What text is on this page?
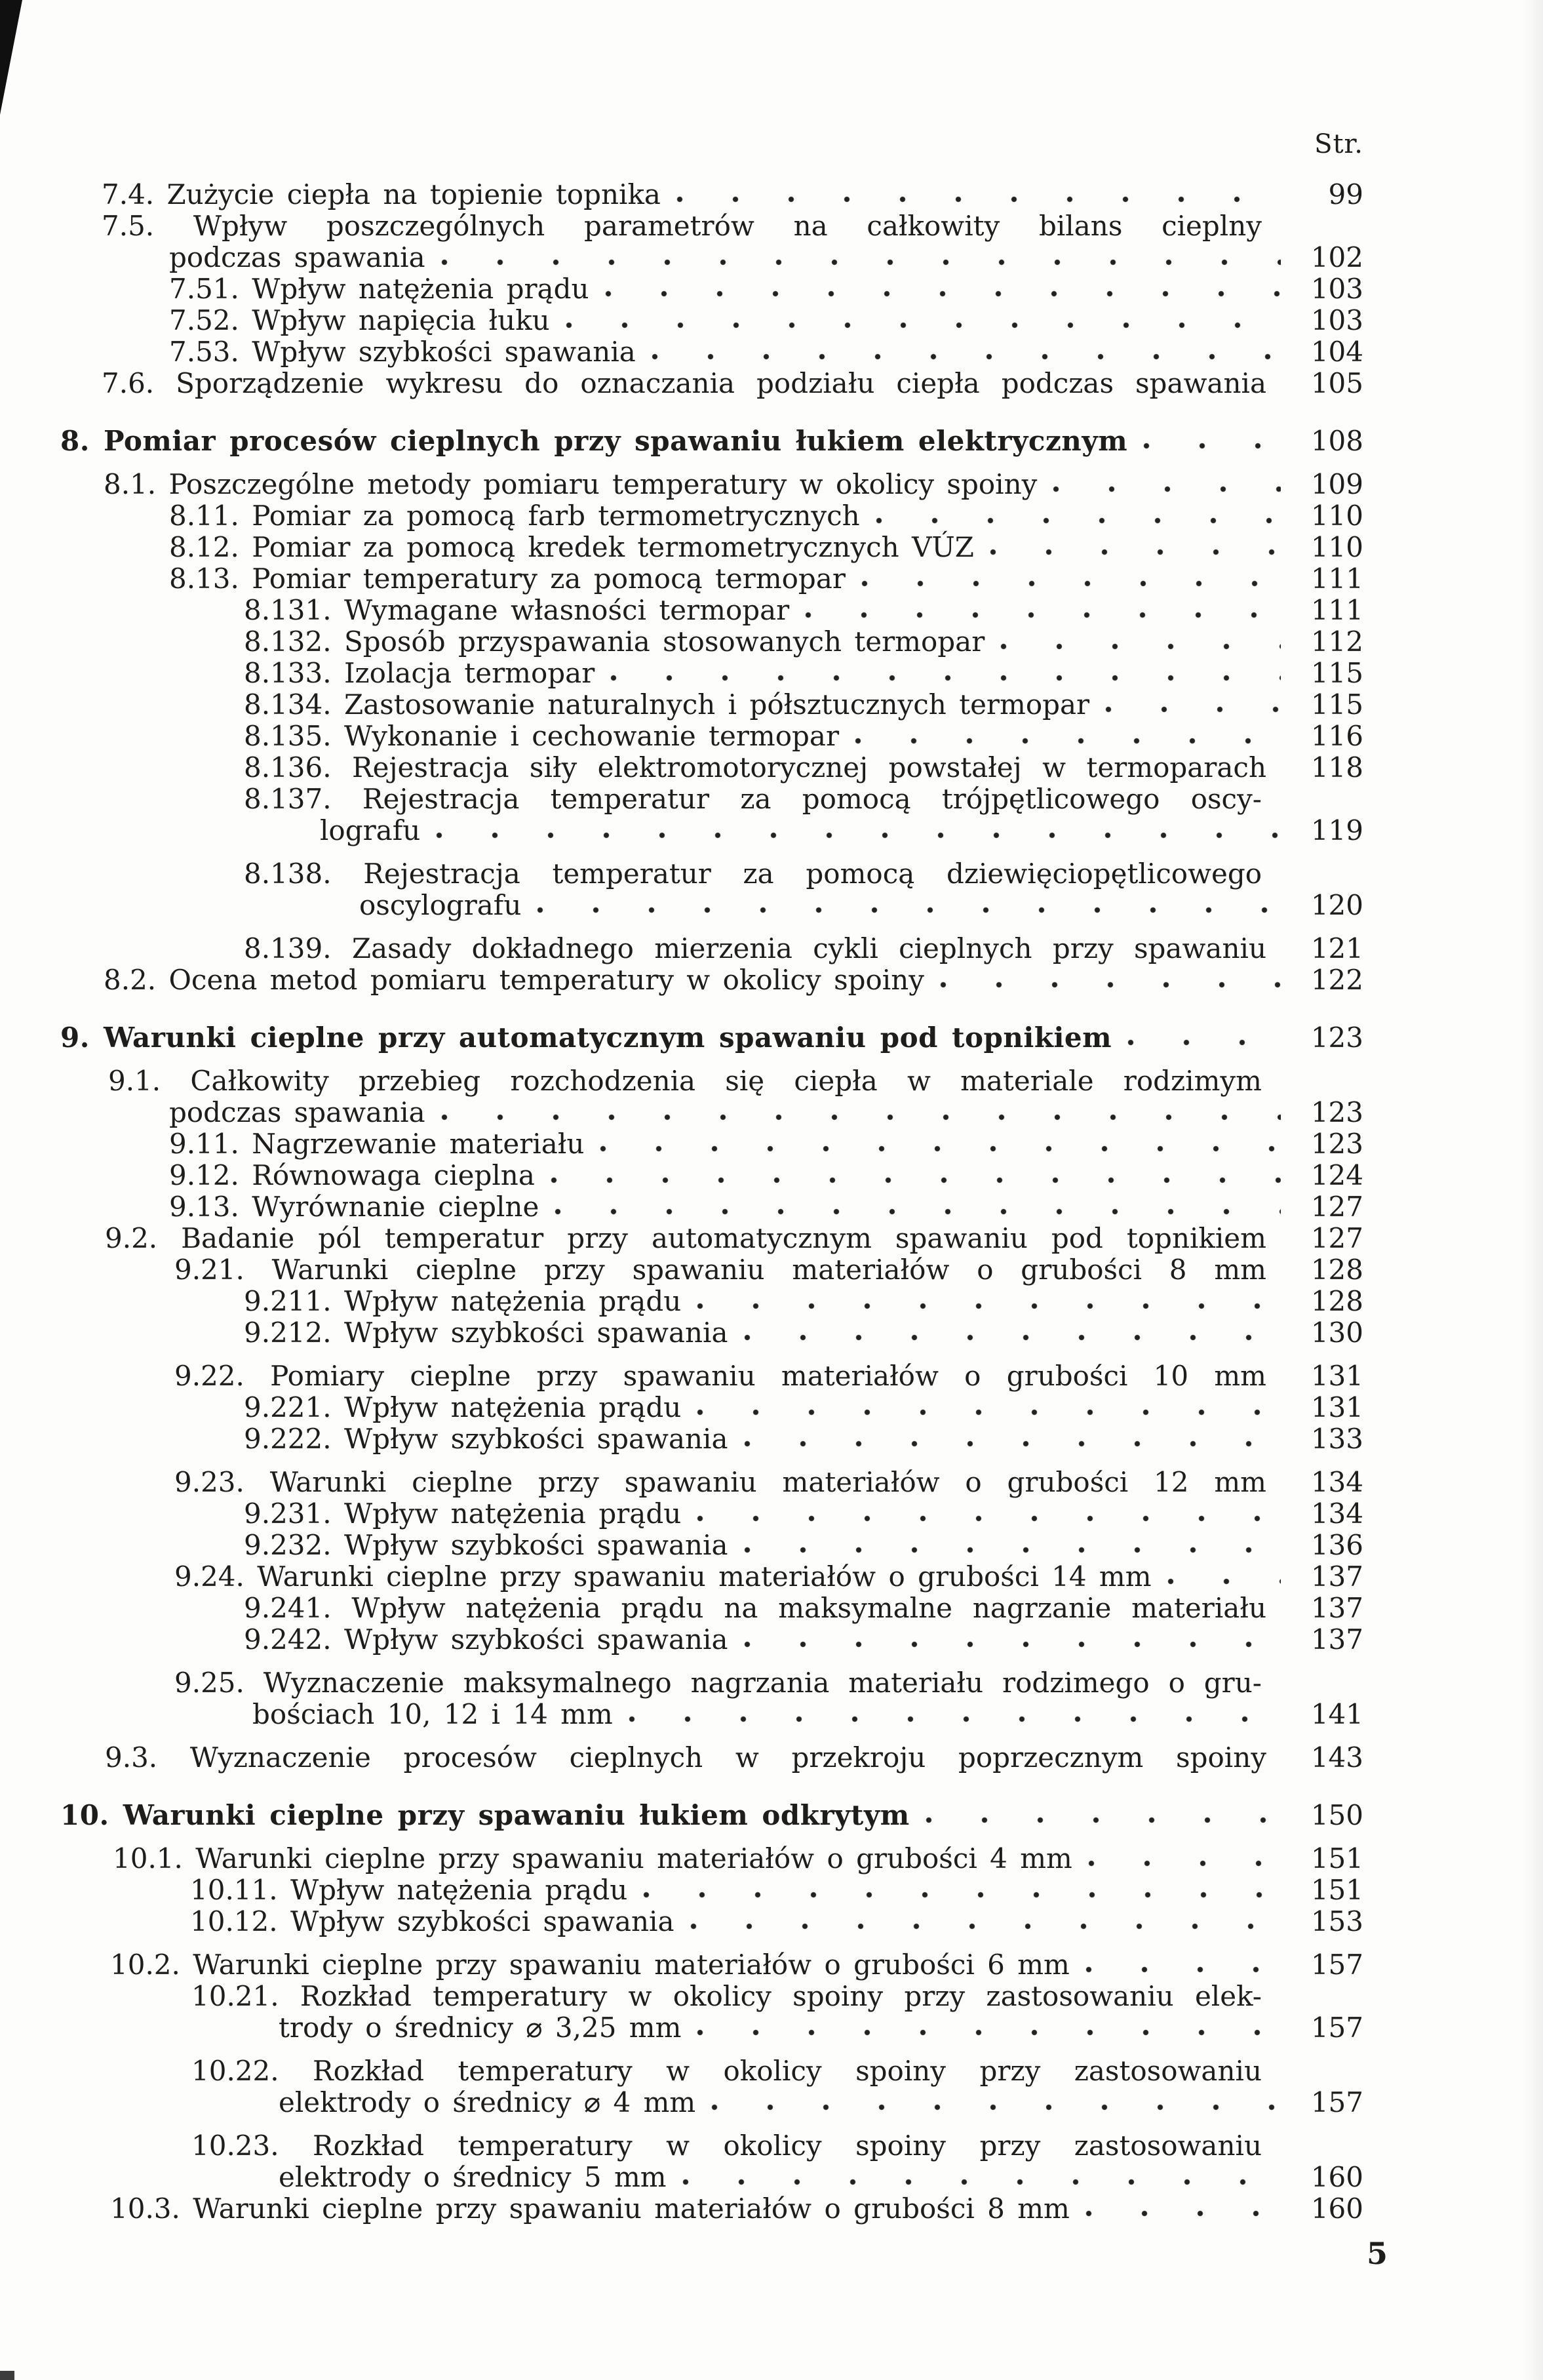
Str.
7.4. Zużycie ciepła na topienie topnika	99
7.5. Wpływ poszczególnych parametrów na całkowity bilans cieplny
podczas spawania	102
7.51. Wpływ natężenia prądu	103
7.52. Wpływ napięcia łuku	103
7.53. Wpływ szybkości spawania	104
7.6. Sporządzenie wykresu do oznaczania podziału ciepła podczas spawania	105
8. Pomiar procesów cieplnych przy spawaniu łukiem elektrycznym	108
8.1. Poszczególne metody pomiaru temperatury w okolicy spoiny	109
8.11. Pomiar za pomocą farb termometrycznych	110
8.12. Pomiar za pomocą kredek termometrycznych VÚZ	110
8.13. Pomiar temperatury za pomocą termopar	111
8.131. Wymagane własności termopar	111
8.132. Sposób przyspawania stosowanych termopar	112
8.133. Izolacja termopar	115
8.134. Zastosowanie naturalnych i półsztucznych termopar	115
8.135. Wykonanie i cechowanie termopar	116
8.136. Rejestracja siły elektromotorycznej powstałej w termoparach	118
8.137. Rejestracja temperatur za pomocą trójpętlicowego oscy-
lografu	119
8.138. Rejestracja temperatur za pomocą dziewięciopętlicowego
oscylografu	120
8.139. Zasady dokładnego mierzenia cykli cieplnych przy spawaniu	121
8.2. Ocena metod pomiaru temperatury w okolicy spoiny	122
9. Warunki cieplne przy automatycznym spawaniu pod topnikiem	123
9.1. Całkowity przebieg rozchodzenia się ciepła w materiale rodzimym
podczas spawania	123
9.11. Nagrzewanie materiału	123
9.12. Równowaga cieplna	124
9.13. Wyrównanie cieplne	127
9.2. Badanie pól temperatur przy automatycznym spawaniu pod topnikiem	127
9.21. Warunki cieplne przy spawaniu materiałów o grubości 8 mm	128
9.211. Wpływ natężenia prądu	128
9.212. Wpływ szybkości spawania	130
9.22. Pomiary cieplne przy spawaniu materiałów o grubości 10 mm	131
9.221. Wpływ natężenia prądu	131
9.222. Wpływ szybkości spawania	133
9.23. Warunki cieplne przy spawaniu materiałów o grubości 12 mm	134
9.231. Wpływ natężenia prądu	134
9.232. Wpływ szybkości spawania	136
9.24. Warunki cieplne przy spawaniu materiałów o grubości 14 mm	137
9.241. Wpływ natężenia prądu na maksymalne nagrzanie materiału	137
9.242. Wpływ szybkości spawania	137
9.25. Wyznaczenie maksymalnego nagrzania materiału rodzimego o gru-
bościach 10, 12 i 14 mm	141
9.3. Wyznaczenie procesów cieplnych w przekroju poprzecznym spoiny	143
10. Warunki cieplne przy spawaniu łukiem odkrytym	150
10.1. Warunki cieplne przy spawaniu materiałów o grubości 4 mm	151
10.11. Wpływ natężenia prądu	151
10.12. Wpływ szybkości spawania	153
10.2. Warunki cieplne przy spawaniu materiałów o grubości 6 mm	157
10.21. Rozkład temperatury w okolicy spoiny przy zastosowaniu elek-
trody o średnicy ⌀ 3,25 mm	157
10.22. Rozkład temperatury w okolicy spoiny przy zastosowaniu
elektrody o średnicy ⌀ 4 mm	157
10.23. Rozkład temperatury w okolicy spoiny przy zastosowaniu
elektrody o średnicy 5 mm	160
10.3. Warunki cieplne przy spawaniu materiałów o grubości 8 mm	160
5
